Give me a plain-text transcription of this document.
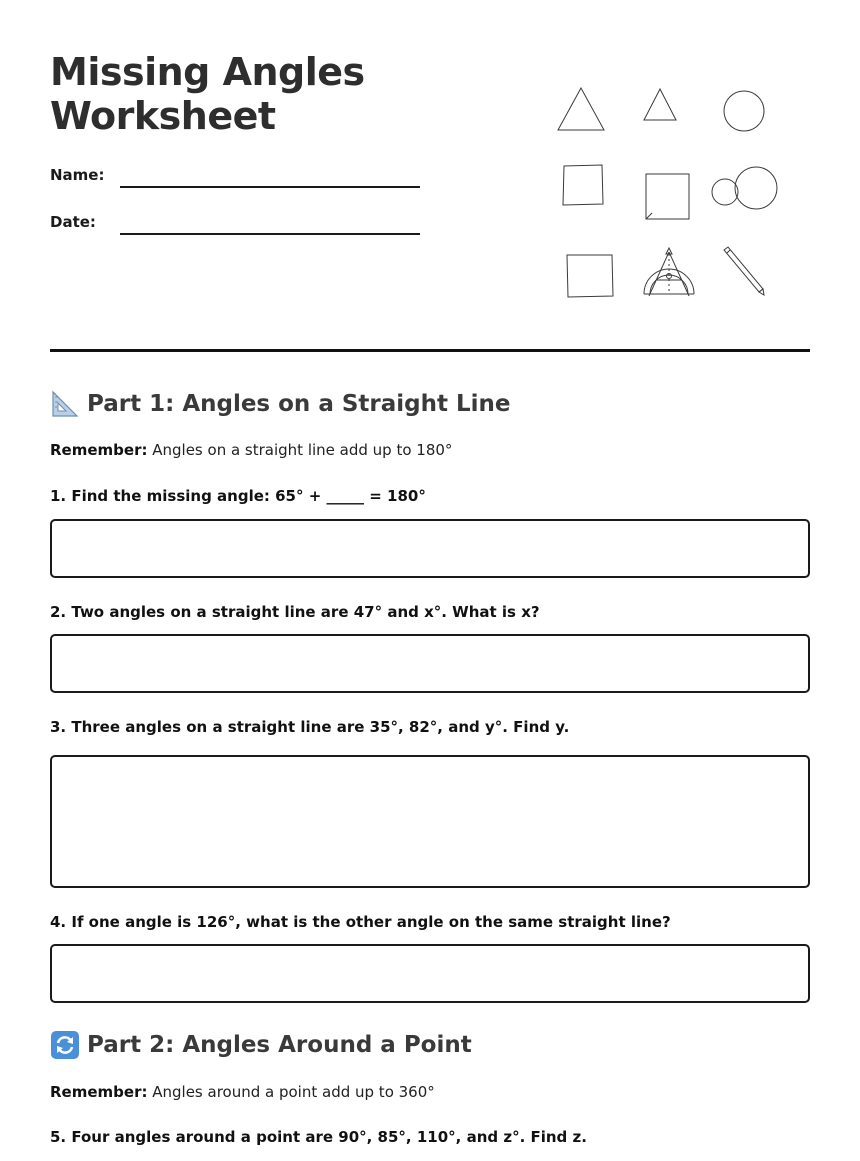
Missing Angles
Worksheet
Name:
Date:
Part 1: Angles on a Straight Line
Remember: Angles on a straight line add up to 180°
1. Find the missing angle: 65° + _____ = 180°
2. Two angles on a straight line are 47° and x°. What is x?
3. Three angles on a straight line are 35°, 82°, and y°. Find y.
4. If one angle is 126°, what is the other angle on the same straight line?
Part 2: Angles Around a Point
Remember: Angles around a point add up to 360°
5. Four angles around a point are 90°, 85°, 110°, and z°. Find z.
